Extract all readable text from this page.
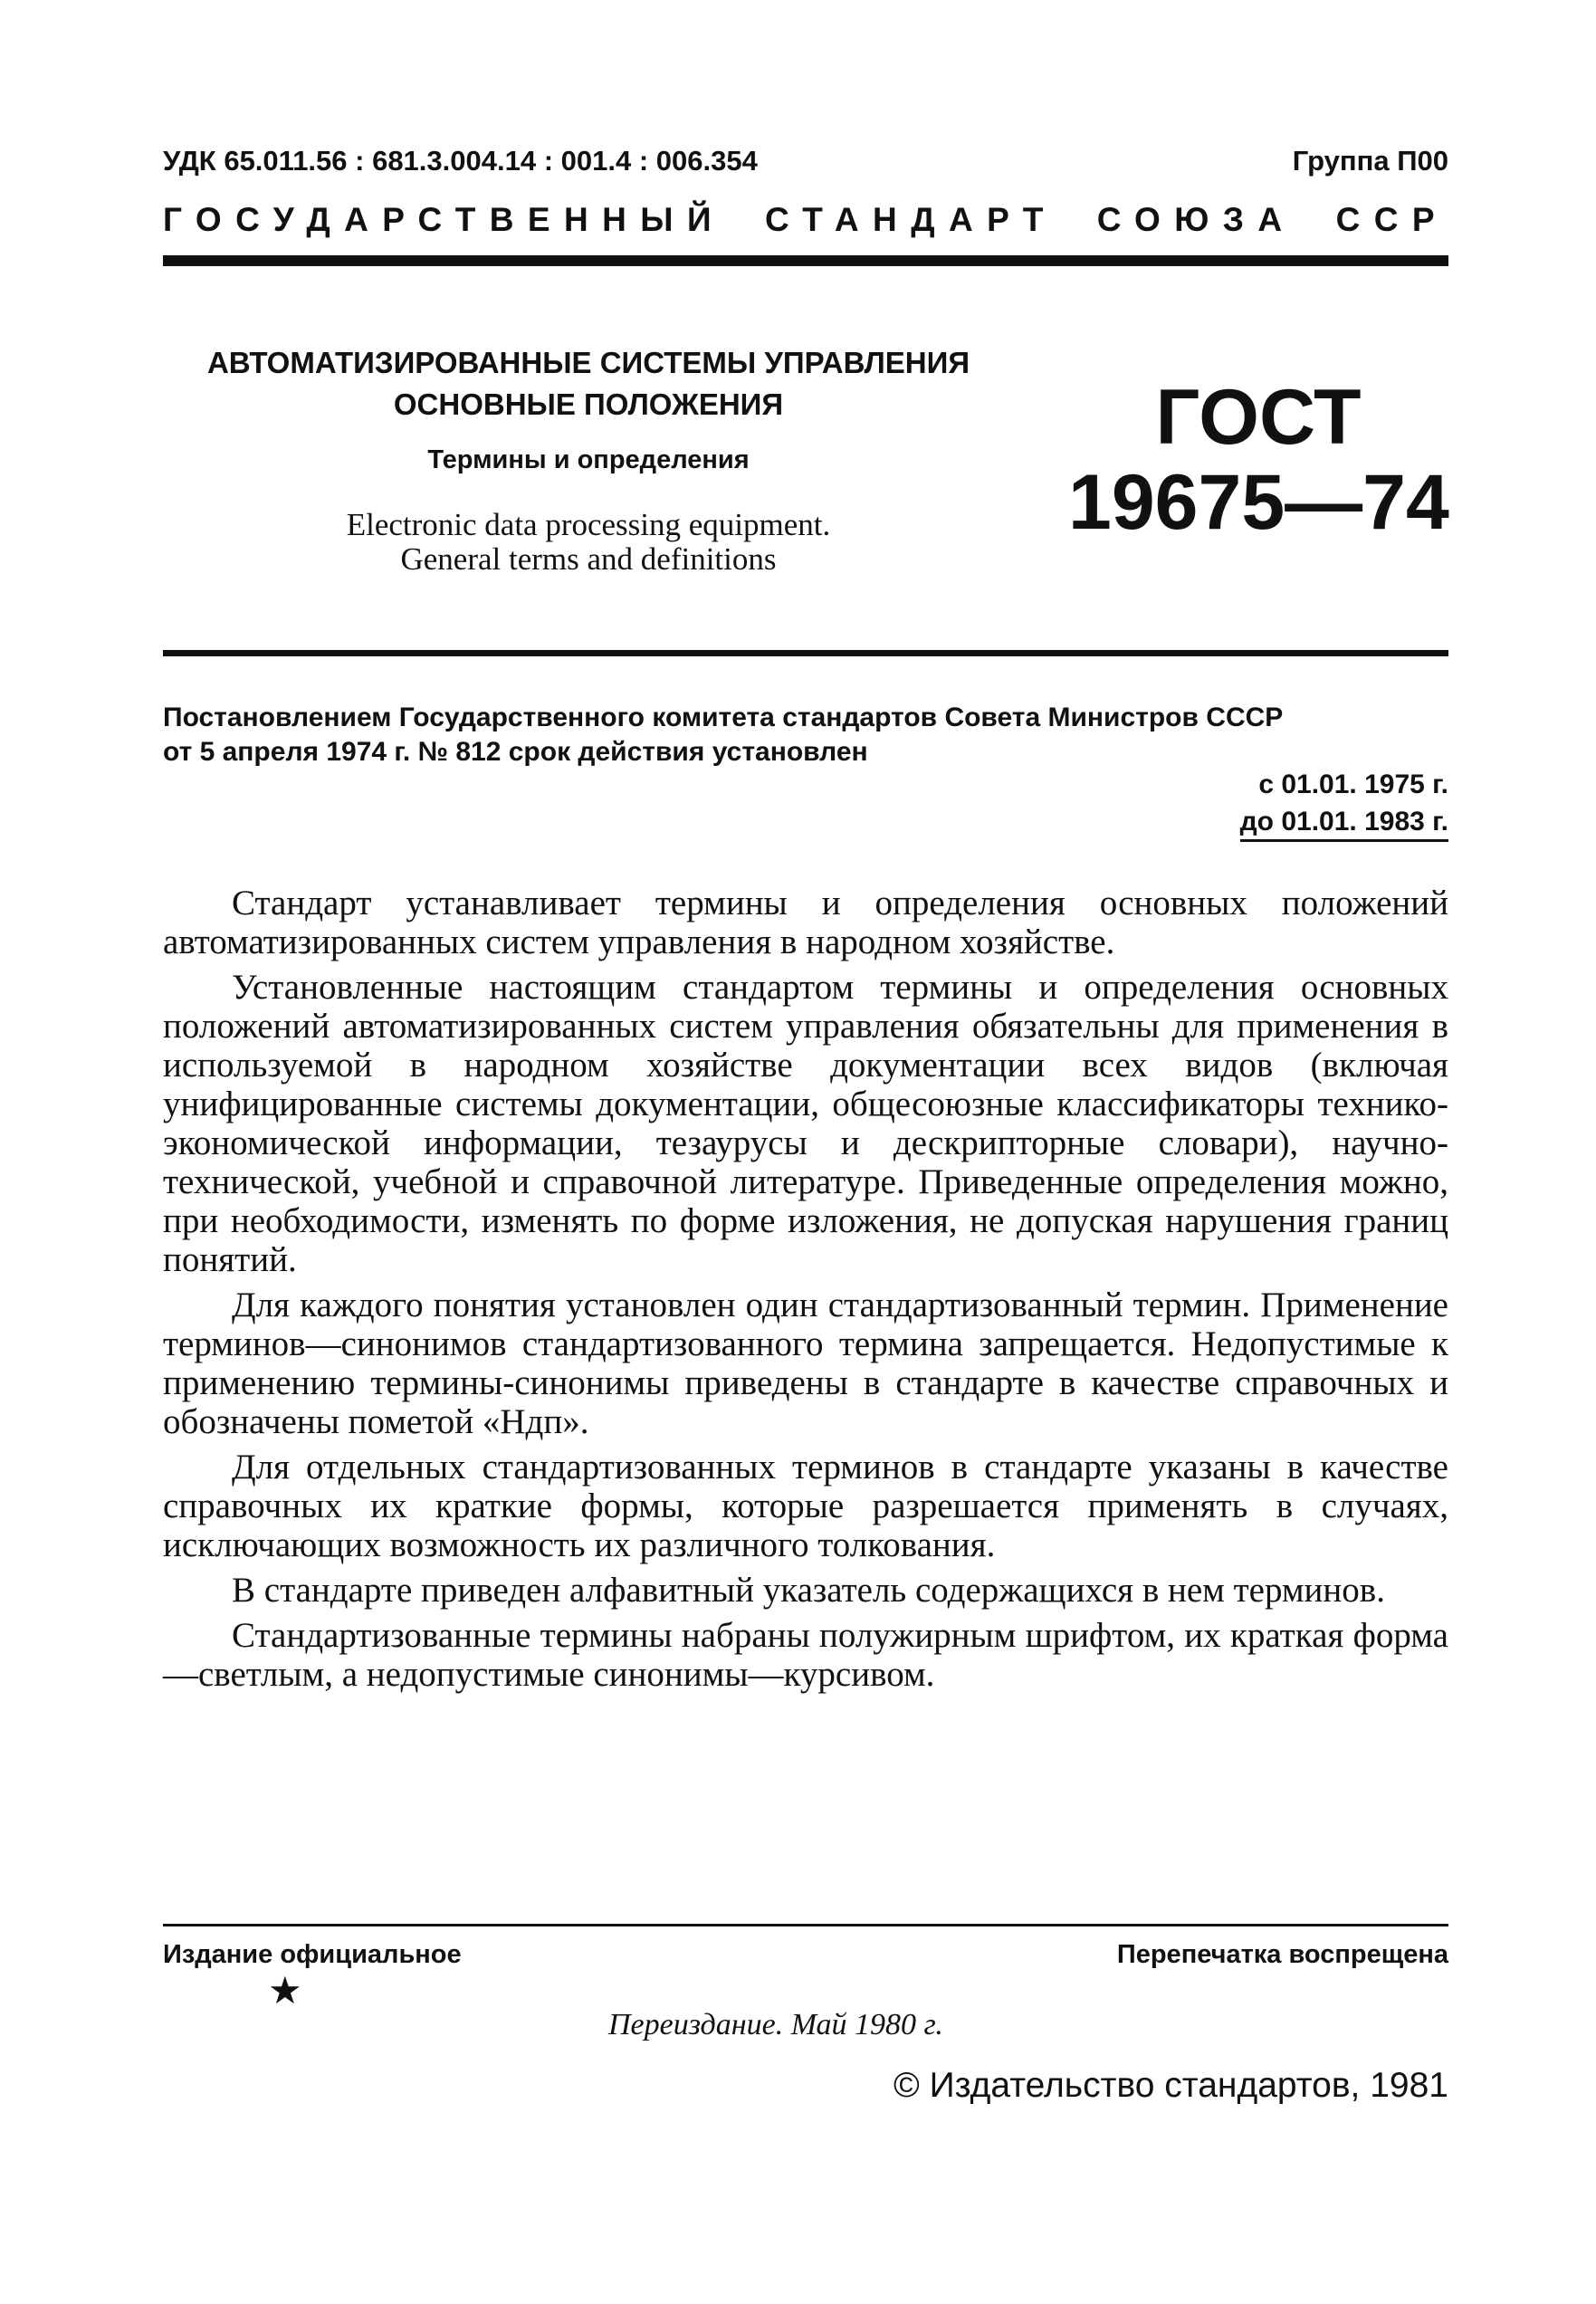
УДК 65.011.56 : 681.3.004.14 : 001.4 : 006.354	Группа П00
ГОСУДАРСТВЕННЫЙ СТАНДАРТ СОЮЗА ССР
АВТОМАТИЗИРОВАННЫЕ СИСТЕМЫ УПРАВЛЕНИЯ
ОСНОВНЫЕ ПОЛОЖЕНИЯ
Термины и определения
Electronic data processing equipment.
General terms and definitions
ГОСТ
19675—74
Постановлением Государственного комитета стандартов Совета Министров СССР
от 5 апреля 1974 г. № 812 срок действия установлен
с 01.01. 1975 г.
до 01.01. 1983 г.

Стандарт устанавливает термины и определения основных положений автоматизированных систем управления в народном хозяйстве.

Установленные настоящим стандартом термины и определения основных положений автоматизированных систем управления обязательны для применения в используемой в народном хозяйстве документации всех видов (включая унифицированные системы документации, общесоюзные классификаторы технико-экономической информации, тезаурусы и дескрипторные словари), научно-технической, учебной и справочной литературе. Приведенные определения можно, при необходимости, изменять по форме изложения, не допуская нарушения границ понятий.

Для каждого понятия установлен один стандартизованный термин. Применение терминов—синонимов стандартизованного термина запрещается. Недопустимые к применению термины-синонимы приведены в стандарте в качестве справочных и обозначены пометой «Ндп».

Для отдельных стандартизованных терминов в стандарте указаны в качестве справочных их краткие формы, которые разрешается применять в случаях, исключающих возможность их различного толкования.

В стандарте приведен алфавитный указатель содержащихся в нем терминов.

Стандартизованные термины набраны полужирным шрифтом, их краткая форма—светлым, а недопустимые синонимы—курсивом.

Издание официальное	Перепечатка воспрещена
★
Переиздание. Май 1980 г.
© Издательство стандартов, 1981
